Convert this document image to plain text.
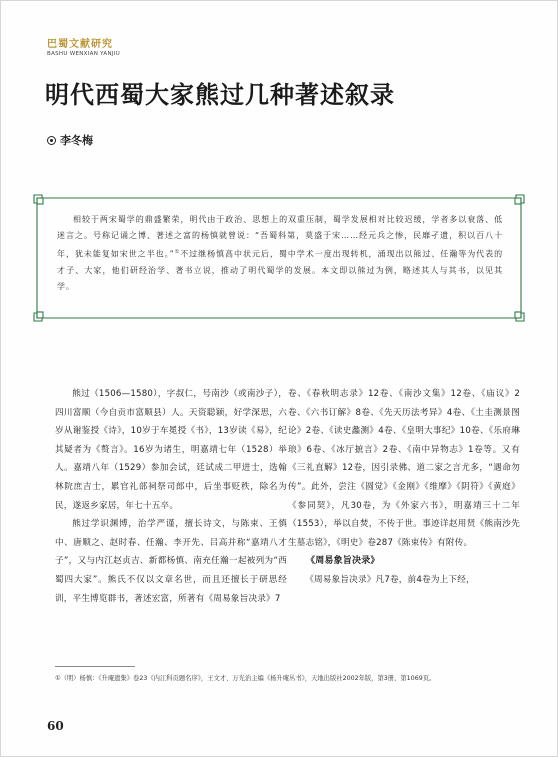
巴蜀文献研究
BASHU WENXIAN YANJIU
明代西蜀大家熊过几种著述叙录
李冬梅
相较于两宋蜀学的鼎盛繁荣，明代由于政治、思想上的双重压制，蜀学发展相对比较迟缓，学者多以衰落、低迷言之。号称记诵之博、著述之富的杨慎就曾说：“吾蜀科第，莫盛于宋……经元兵之惨，民靡孑遗，积以百八十年，犹未能复如宋世之半也。”①不过继杨慎高中状元后，蜀中学术一度出现转机，涌现出以熊过、任瀚等为代表的才子、大家，他们研经治学、著书立说，推动了明代蜀学的发展。本文即以熊过为例，略述其人与其书，以见其学。

熊过（1506—1580），字叔仁，号南沙（或南沙子），四川富顺（今自贡市富顺县）人。天资聪颖，好学深思，六岁从谢鉴授《诗》，10岁于车冕授《书》，13岁读《易》，纪其疑者为《赘言》。16岁为诸生，明嘉靖七年（1528）举人。嘉靖八年（1529）参加会试，廷试成二甲进士，选翰林院庶吉士，累官礼部祠祭司郎中，后坐事贬秩，除名为民，遂返乡家居，年七十五卒。

熊过学识渊博，治学严谨，擅长诗文，与陈束、王慎中、唐顺之、赵时春、任瀚、李开先、吕高并称“嘉靖八才子”，又与内江赵贞吉、新都杨慎、南充任瀚一起被列为“西蜀四大家”。熊氏不仅以文章名世，而且还擅长于研思经训，平生博览群书，著述宏富，所著有《周易象旨决录》7

卷、《春秋明志录》12卷、《南沙文集》12卷、《庙议》2卷、《六书订解》8卷、《先天历法考异》4卷、《土圭测景图论》2卷、《读史蠡测》4卷、《皇明大事纪》10卷、《乐府琳琅》6卷、《冰厅摭言》2卷、《南中异物志》1卷等。又有《三礼直解》12卷，因引录佛、道二家之言尤多，“遇命勿传”。此外，尝注《圆觉》《金刚》《维摩》《阴符》《黄庭》《参同契》，凡30卷，为《外家六书》，明嘉靖三十二年（1553），举以自焚，不传于世。事迹详赵用贤《熊南沙先生墓志铭》，《明史》卷287《陈束传》有附传。

《周易象旨决录》

《周易象旨决录》凡7卷，前4卷为上下经，

①（明）杨慎：《升庵遗集》卷23《内江科贡题名序》，王文才、万光治主编《杨升庵丛书》，天地出版社2002年版，第3册，第1069页。
60
